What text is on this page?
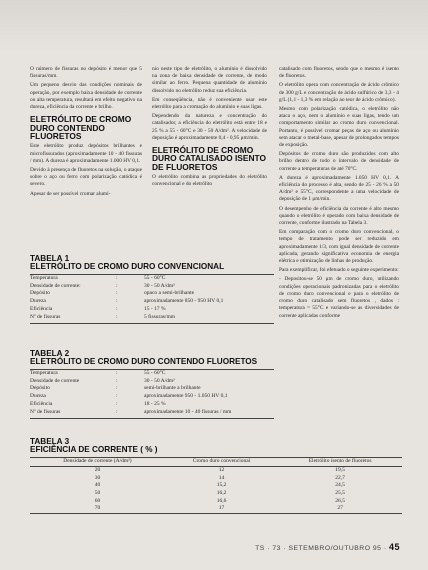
O número de fissuras no depósito é menor que 5 fissuras/mm.

Um pequeno desvio das condições nominais de operação, por exemplo baixa densidade de corrente ou alta temperatura, resultará em efeito negativo na dureza, eficiência da corrente e brilho.

ELETRÓLITO DE CROMO DURO CONTENDO FLUORETOS

Este eletrólito produz depósitos brilhantes e microfissurados (aproximadamente 10 - 40 fissuras / mm). A dureza é aproximadamente 1.000 HV 0,1.

Devido à presença de fluoretos na solução, o ataque sobre o aço ou ferro com polarização catódica é severo.

Apesar de ser possível cromar alumí-

nio neste tipo de eletrólito, o alumínio é dissolvido na zona de baixa densidade de corrente, de modo similar ao ferro. Pequena quantidade de alumínio dissolvido no eletrólito reduz sua eficiência.

Em conseqüência, não é conveniente usar este eletrólito para a cromação do alumínio e suas ligas.

Dependendo da natureza e concentração do catalisador, a eficiência do eletrólito está entre 18 e 25 % a 55 - 60°C e 30 - 50 A/dm². A velocidade de deposição é aproximadamente 0,4 - 0,95 μm/min.

ELETRÓLITO DE CROMO DURO CATALISADO ISENTO DE FLUORETOS

O eletrólito combina as propriedades do eletrólito convencional e do eletrólito

catalisado com fluoretos, sendo que o mesmo é isento de fluoretos.

O eletrólito opera com concentração de ácido crômico de 300 g/L e concentração de ácido sulfúrico de 3,3 - 4 g/L (1,1 - 1,3 % em relação ao teor de ácido crômico).

Mesmo com polarização catódica, o eletrólito não ataca o aço, nem o alumínio e suas ligas, tendo um comportamento similar ao cromo duro convencional. Portanto, é possível cromar peças de aço ou alumínio sem atacar o metal-base, apesar de prolongados tempos de exposição.

Depósitos de cromo duro são produzidos com alto brilho dentro de todo o intervalo de densidade de corrente a temperaturas de até 70°C.

A dureza é aproximadamente 1.050 HV 0,1. A eficiência do processo é alta, sendo de 25 - 26 % a 50 A/dm² e 55°C, correspondente a uma velocidade de deposição de 1 μm/min.

O desempenho de eficiência da corrente é alto mesmo quando o eletrólito é operado com baixa densidade de corrente, conforme ilustrado na Tabela 3.

Em comparação com o cromo duro convencional, o tempo de tratamento pode ser reduzido em aproximadamente 1/3, com igual densidade de corrente aplicada, gerando significativa economia de energia elétrica e otimização de linhas de produção.

Para exemplificar, foi efetuado o seguinte experimento:

- Depositou-se 50 μm de cromo duro, utilizando condições operacionais padronizadas para o eletrólito de cromo duro convencional e para o eletrólito de cromo duro catalisado sem fluoretos , dados : temperatura = 55°C e variando-se as diversidades de corrente aplicadas conforme

TABELA 1
ELETRÓLITO DE CROMO DURO CONVENCIONAL
Temperatura	:	55 - 60°C
Densidade de corrente:	:	30 - 50 A/dm²
Depósito	:	opaco a semi-brilhante
Dureza	:	aproximadamente 850 - 950 HV 0,1
Eficiência	:	15 - 17 %
Nº de fissuras	:	5 fissuras/mm
TABELA 2
ELETRÓLITO DE CROMO DURO CONTENDO FLUORETOS
Temperatura	:	55 - 60°C
Densidade de corrente	:	30 - 50 A/dm²
Depósito	:	semi-brilhante a brilhante
Dureza	:	aproximadamente 950 - 1.050 HV 0,1
Eficiência	:	18 - 25 %
Nº de fissuras	:	aproximadamente 10 - 40 fissuras / mm
TABELA 3
EFICIÊNCIA DE CORRENTE ( % )
Densidade de corrente (A/dm²)	Cromo duro convencional	Eletrólito isento de fluoretos
20	12	19,5
30	14	22,7
40	15,2	24,5
50	16,2	25,5
60	16,6	26,5
70	17	27
TS · 73 · SETEMBRO/OUTUBRO 95 · 45
